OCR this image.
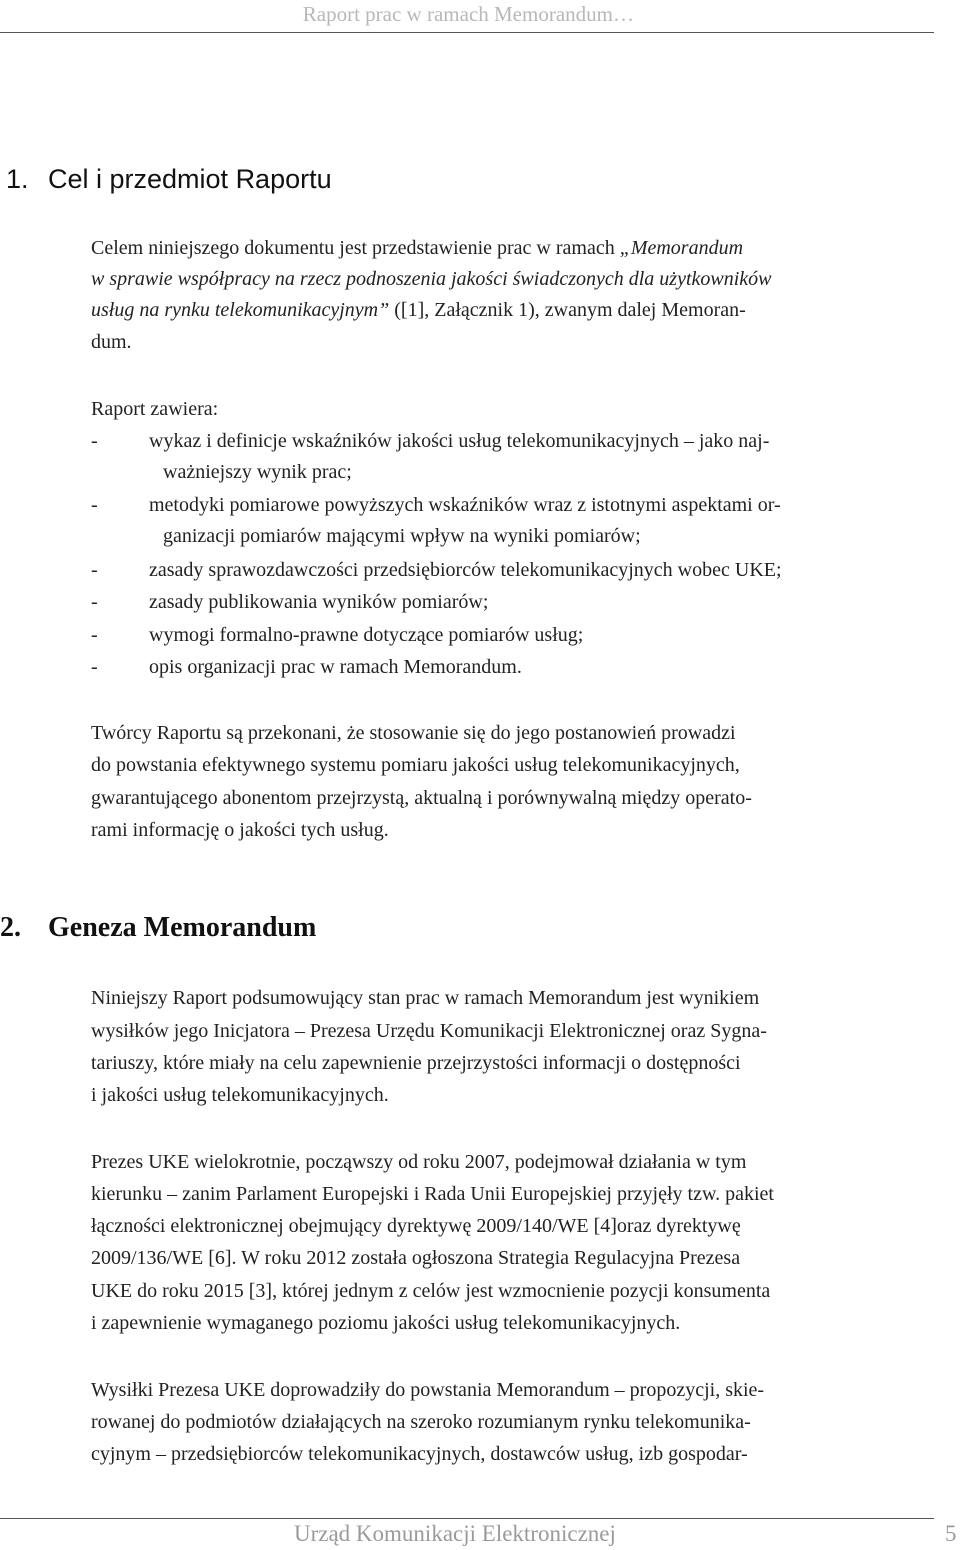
Raport prac w ramach Memorandum…
1. Cel i przedmiot Raportu
Celem niniejszego dokumentu jest przedstawienie prac w ramach „Memorandum
w sprawie współpracy na rzecz podnoszenia jakości świadczonych dla użytkowników
usług na rynku telekomunikacyjnym” ([1], Załącznik 1), zwanym dalej Memoran-
dum.
Raport zawiera:
-	wykaz i definicje wskaźników jakości usług telekomunikacyjnych – jako naj-
ważniejszy wynik prac;
-	metodyki pomiarowe powyższych wskaźników wraz z istotnymi aspektami or-
ganizacji pomiarów mającymi wpływ na wyniki pomiarów;
-	zasady sprawozdawczości przedsiębiorców telekomunikacyjnych wobec UKE;
-	zasady publikowania wyników pomiarów;
-	wymogi formalno-prawne dotyczące pomiarów usług;
-	opis organizacji prac w ramach Memorandum.
Twórcy Raportu są przekonani, że stosowanie się do jego postanowień prowadzi
do powstania efektywnego systemu pomiaru jakości usług telekomunikacyjnych,
gwarantującego abonentom przejrzystą, aktualną i porównywalną między operato-
rami informację o jakości tych usług.
2. Geneza Memorandum
Niniejszy Raport podsumowujący stan prac w ramach Memorandum jest wynikiem
wysiłków jego Inicjatora – Prezesa Urzędu Komunikacji Elektronicznej oraz Sygna-
tariuszy, które miały na celu zapewnienie przejrzystości informacji o dostępności
i jakości usług telekomunikacyjnych.
Prezes UKE wielokrotnie, począwszy od roku 2007, podejmował działania w tym
kierunku – zanim Parlament Europejski i Rada Unii Europejskiej przyjęły tzw. pakiet
łączności elektronicznej obejmujący dyrektywę 2009/140/WE [4]oraz dyrektywę
2009/136/WE [6]. W roku 2012 została ogłoszona Strategia Regulacyjna Prezesa
UKE do roku 2015 [3], której jednym z celów jest wzmocnienie pozycji konsumenta
i zapewnienie wymaganego poziomu jakości usług telekomunikacyjnych.
Wysiłki Prezesa UKE doprowadziły do powstania Memorandum – propozycji, skie-
rowanej do podmiotów działających na szeroko rozumianym rynku telekomunika-
cyjnym – przedsiębiorców telekomunikacyjnych, dostawców usług, izb gospodar-
Urząd Komunikacji Elektronicznej	5
